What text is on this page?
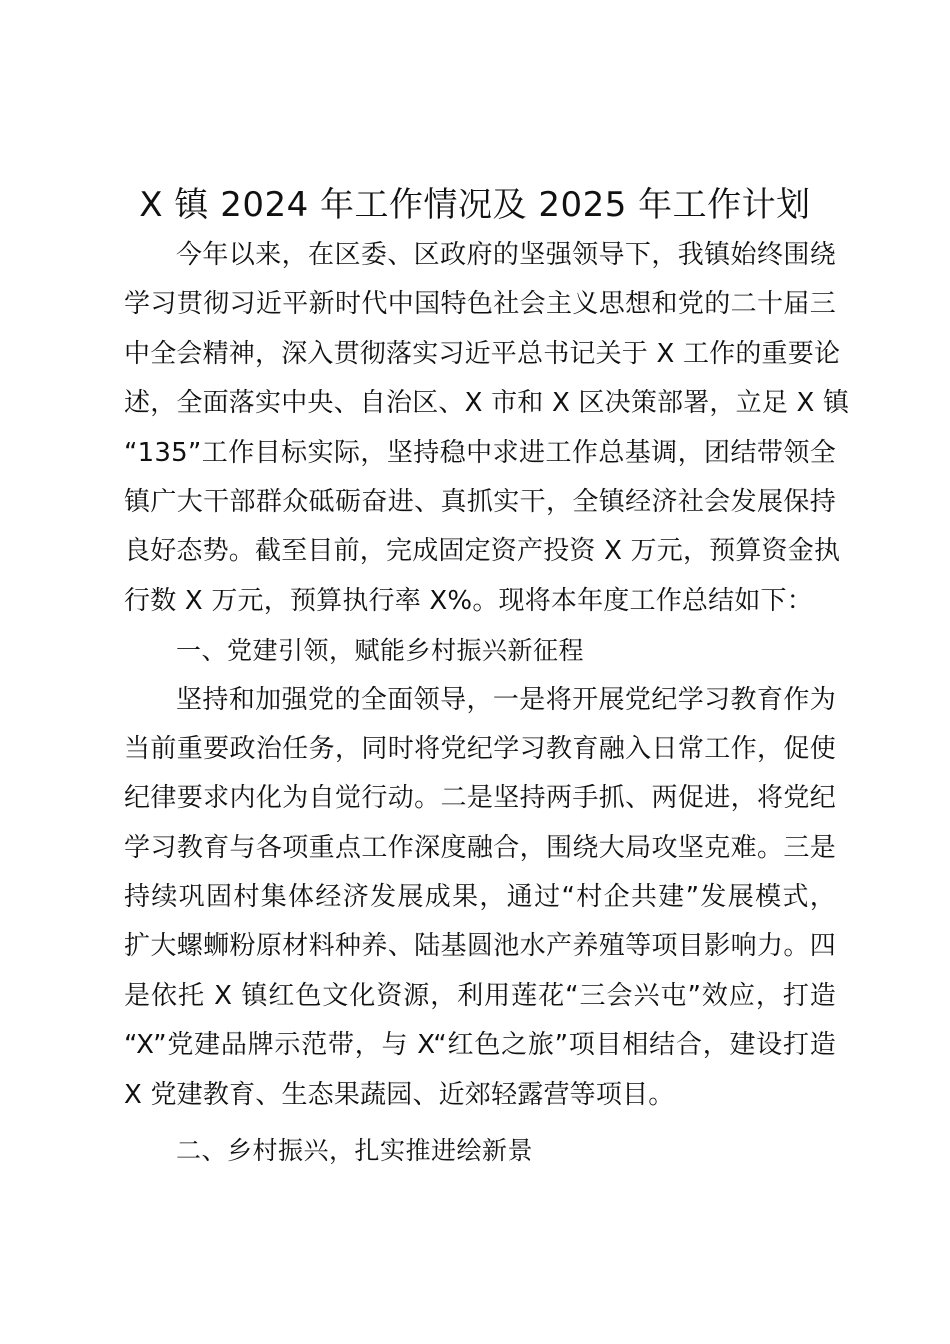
X 镇 2024 年工作情况及 2025 年工作计划
今年以来，在区委、区政府的坚强领导下，我镇始终围绕
学习贯彻习近平新时代中国特色社会主义思想和党的二十届三
中全会精神，深入贯彻落实习近平总书记关于 X 工作的重要论
述，全面落实中央、自治区、X 市和 X 区决策部署，立足 X 镇
“135”工作目标实际，坚持稳中求进工作总基调，团结带领全
镇广大干部群众砥砺奋进、真抓实干，全镇经济社会发展保持
良好态势。截至目前，完成固定资产投资 X 万元，预算资金执
行数 X 万元，预算执行率 X%。现将本年度工作总结如下：
一、党建引领，赋能乡村振兴新征程
坚持和加强党的全面领导，一是将开展党纪学习教育作为
当前重要政治任务，同时将党纪学习教育融入日常工作，促使
纪律要求内化为自觉行动。二是坚持两手抓、两促进，将党纪
学习教育与各项重点工作深度融合，围绕大局攻坚克难。三是
持续巩固村集体经济发展成果，通过“村企共建”发展模式，
扩大螺蛳粉原材料种养、陆基圆池水产养殖等项目影响力。四
是依托 X 镇红色文化资源，利用莲花“三会兴屯”效应，打造
“X”党建品牌示范带，与 X“红色之旅”项目相结合，建设打造
X 党建教育、生态果蔬园、近郊轻露营等项目。
二、乡村振兴，扎实推进绘新景
